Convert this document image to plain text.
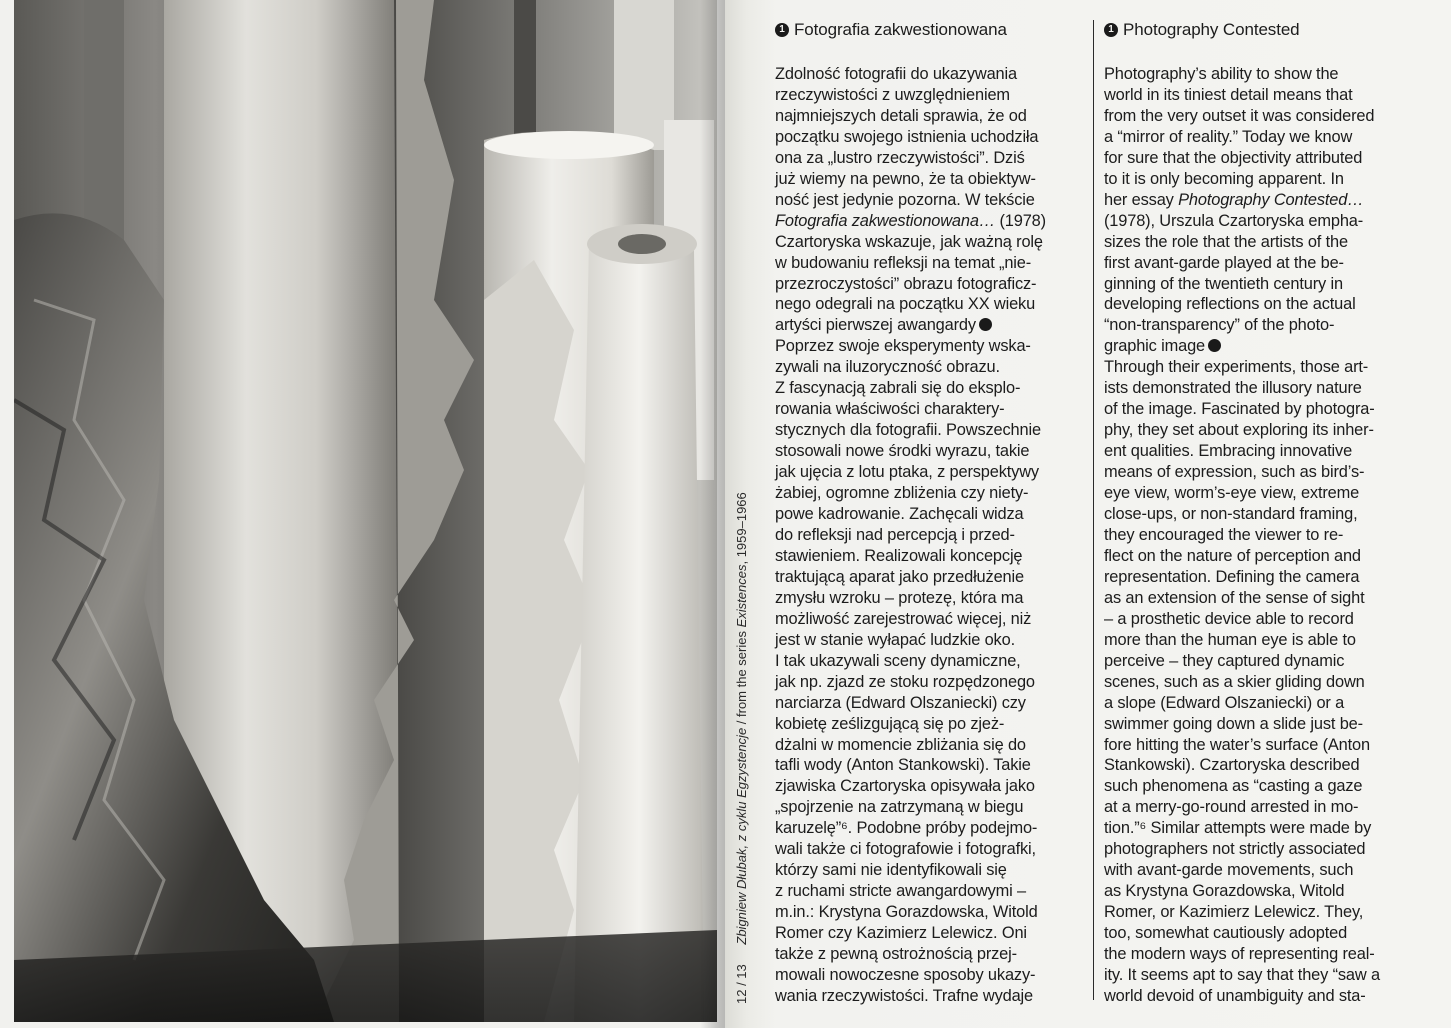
12 / 13 Zbigniew Dłubak, z cyklu Egzystencje / from the series Existences, 1959–1966
1 Fotografia zakwestionowana
Zdolność fotografii do ukazywania
rzeczywistości z uwzględnieniem
najmniejszych detali sprawia, że od
początku swojego istnienia uchodziła
ona za „lustro rzeczywistości”. Dziś
już wiemy na pewno, że ta obiektyw-
ność jest jedynie pozorna. W tekście
Fotografia zakwestionowana… (1978)
Czartoryska wskazuje, jak ważną rolę
w budowaniu refleksji na temat „nie-
przezroczystości” obrazu fotograficz-
nego odegrali na początku XX wieku
artyści pierwszej awangardy
Poprzez swoje eksperymenty wska-
zywali na iluzoryczność obrazu.
Z fascynacją zabrali się do eksplo-
rowania właściwości charaktery-
stycznych dla fotografii. Powszechnie
stosowali nowe środki wyrazu, takie
jak ujęcia z lotu ptaka, z perspektywy
żabiej, ogromne zbliżenia czy niety-
powe kadrowanie. Zachęcali widza
do refleksji nad percepcją i przed-
stawieniem. Realizowali koncepcję
traktującą aparat jako przedłużenie
zmysłu wzroku – protezę, która ma
możliwość zarejestrować więcej, niż
jest w stanie wyłapać ludzkie oko.
I tak ukazywali sceny dynamiczne,
jak np. zjazd ze stoku rozpędzonego
narciarza (Edward Olszaniecki) czy
kobietę ześlizgującą się po zjeż-
dżalni w momencie zbliżania się do
tafli wody (Anton Stankowski). Takie
zjawiska Czartoryska opisywała jako
„spojrzenie na zatrzymaną w biegu
karuzelę”⁶. Podobne próby podejmo-
wali także ci fotografowie i fotografki,
którzy sami nie identyfikowali się
z ruchami stricte awangardowymi –
m.in.: Krystyna Gorazdowska, Witold
Romer czy Kazimierz Lelewicz. Oni
także z pewną ostrożnością przej-
mowali nowoczesne sposoby ukazy-
wania rzeczywistości. Trafne wydaje
1 Photography Contested
Photography’s ability to show the
world in its tiniest detail means that
from the very outset it was considered
a “mirror of reality.” Today we know
for sure that the objectivity attributed
to it is only becoming apparent. In
her essay Photography Contested…
(1978), Urszula Czartoryska empha-
sizes the role that the artists of the
first avant-garde played at the be-
ginning of the twentieth century in
developing reflections on the actual
“non-transparency” of the photo-
graphic image
Through their experiments, those art-
ists demonstrated the illusory nature
of the image. Fascinated by photogra-
phy, they set about exploring its inher-
ent qualities. Embracing innovative
means of expression, such as bird’s-
eye view, worm’s-eye view, extreme
close-ups, or non-standard framing,
they encouraged the viewer to re-
flect on the nature of perception and
representation. Defining the camera
as an extension of the sense of sight
– a prosthetic device able to record
more than the human eye is able to
perceive – they captured dynamic
scenes, such as a skier gliding down
a slope (Edward Olszaniecki) or a
swimmer going down a slide just be-
fore hitting the water’s surface (Anton
Stankowski). Czartoryska described
such phenomena as “casting a gaze
at a merry-go-round arrested in mo-
tion.”⁶ Similar attempts were made by
photographers not strictly associated
with avant-garde movements, such
as Krystyna Gorazdowska, Witold
Romer, or Kazimierz Lelewicz. They,
too, somewhat cautiously adopted
the modern ways of representing real-
ity. It seems apt to say that they “saw a
world devoid of unambiguity and sta-
